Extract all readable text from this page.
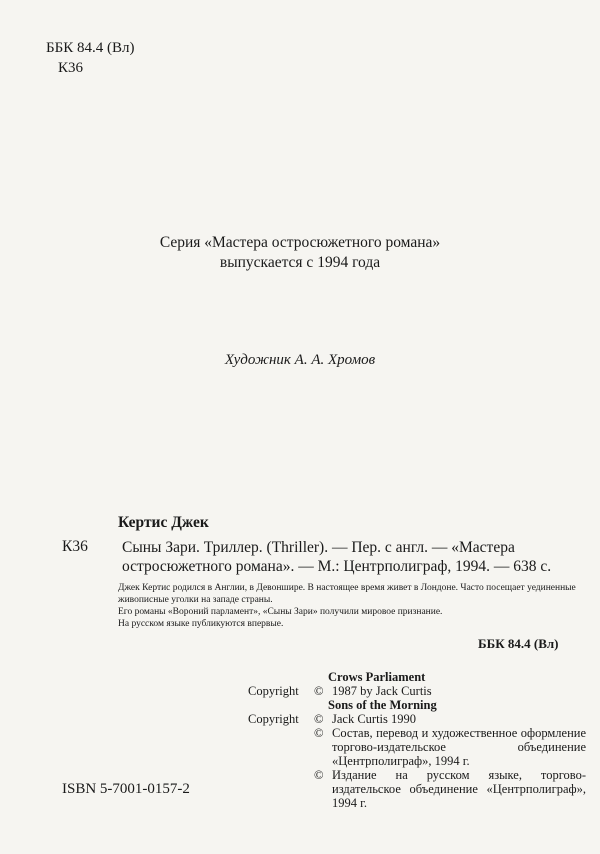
ББК 84.4 (Вл)
К36
Серия «Мастера остросюжетного романа»
выпускается с 1994 года
Художник А. А. Хромов
Кертис Джек
К36 Сыны Зари. Триллер. (Thriller). — Пер. с англ. — «Мастера остросюжетного романа». — М.: Центрполиграф, 1994. — 638 с.

Джек Кертис родился в Англии, в Девоншире. В настоящее время живет в Лондоне. Часто посещает уединенные живописные уголки на западе страны.

Его романы «Вороний парламент», «Сыны Зари» получили мировое признание.

На русском языке публикуются впервые.

ББК 84.4 (Вл)
Crows Parliament
Copyright	© 1987 by Jack Curtis
Sons of the Morning
Copyright	© Jack Curtis 1990
© Состав, перевод и художественное оформление торгово-издательское объединение «Центрполиграф», 1994 г.
© Издание на русском языке, торгово-издательское объединение «Центрполиграф», 1994 г.
ISBN 5-7001-0157-2
